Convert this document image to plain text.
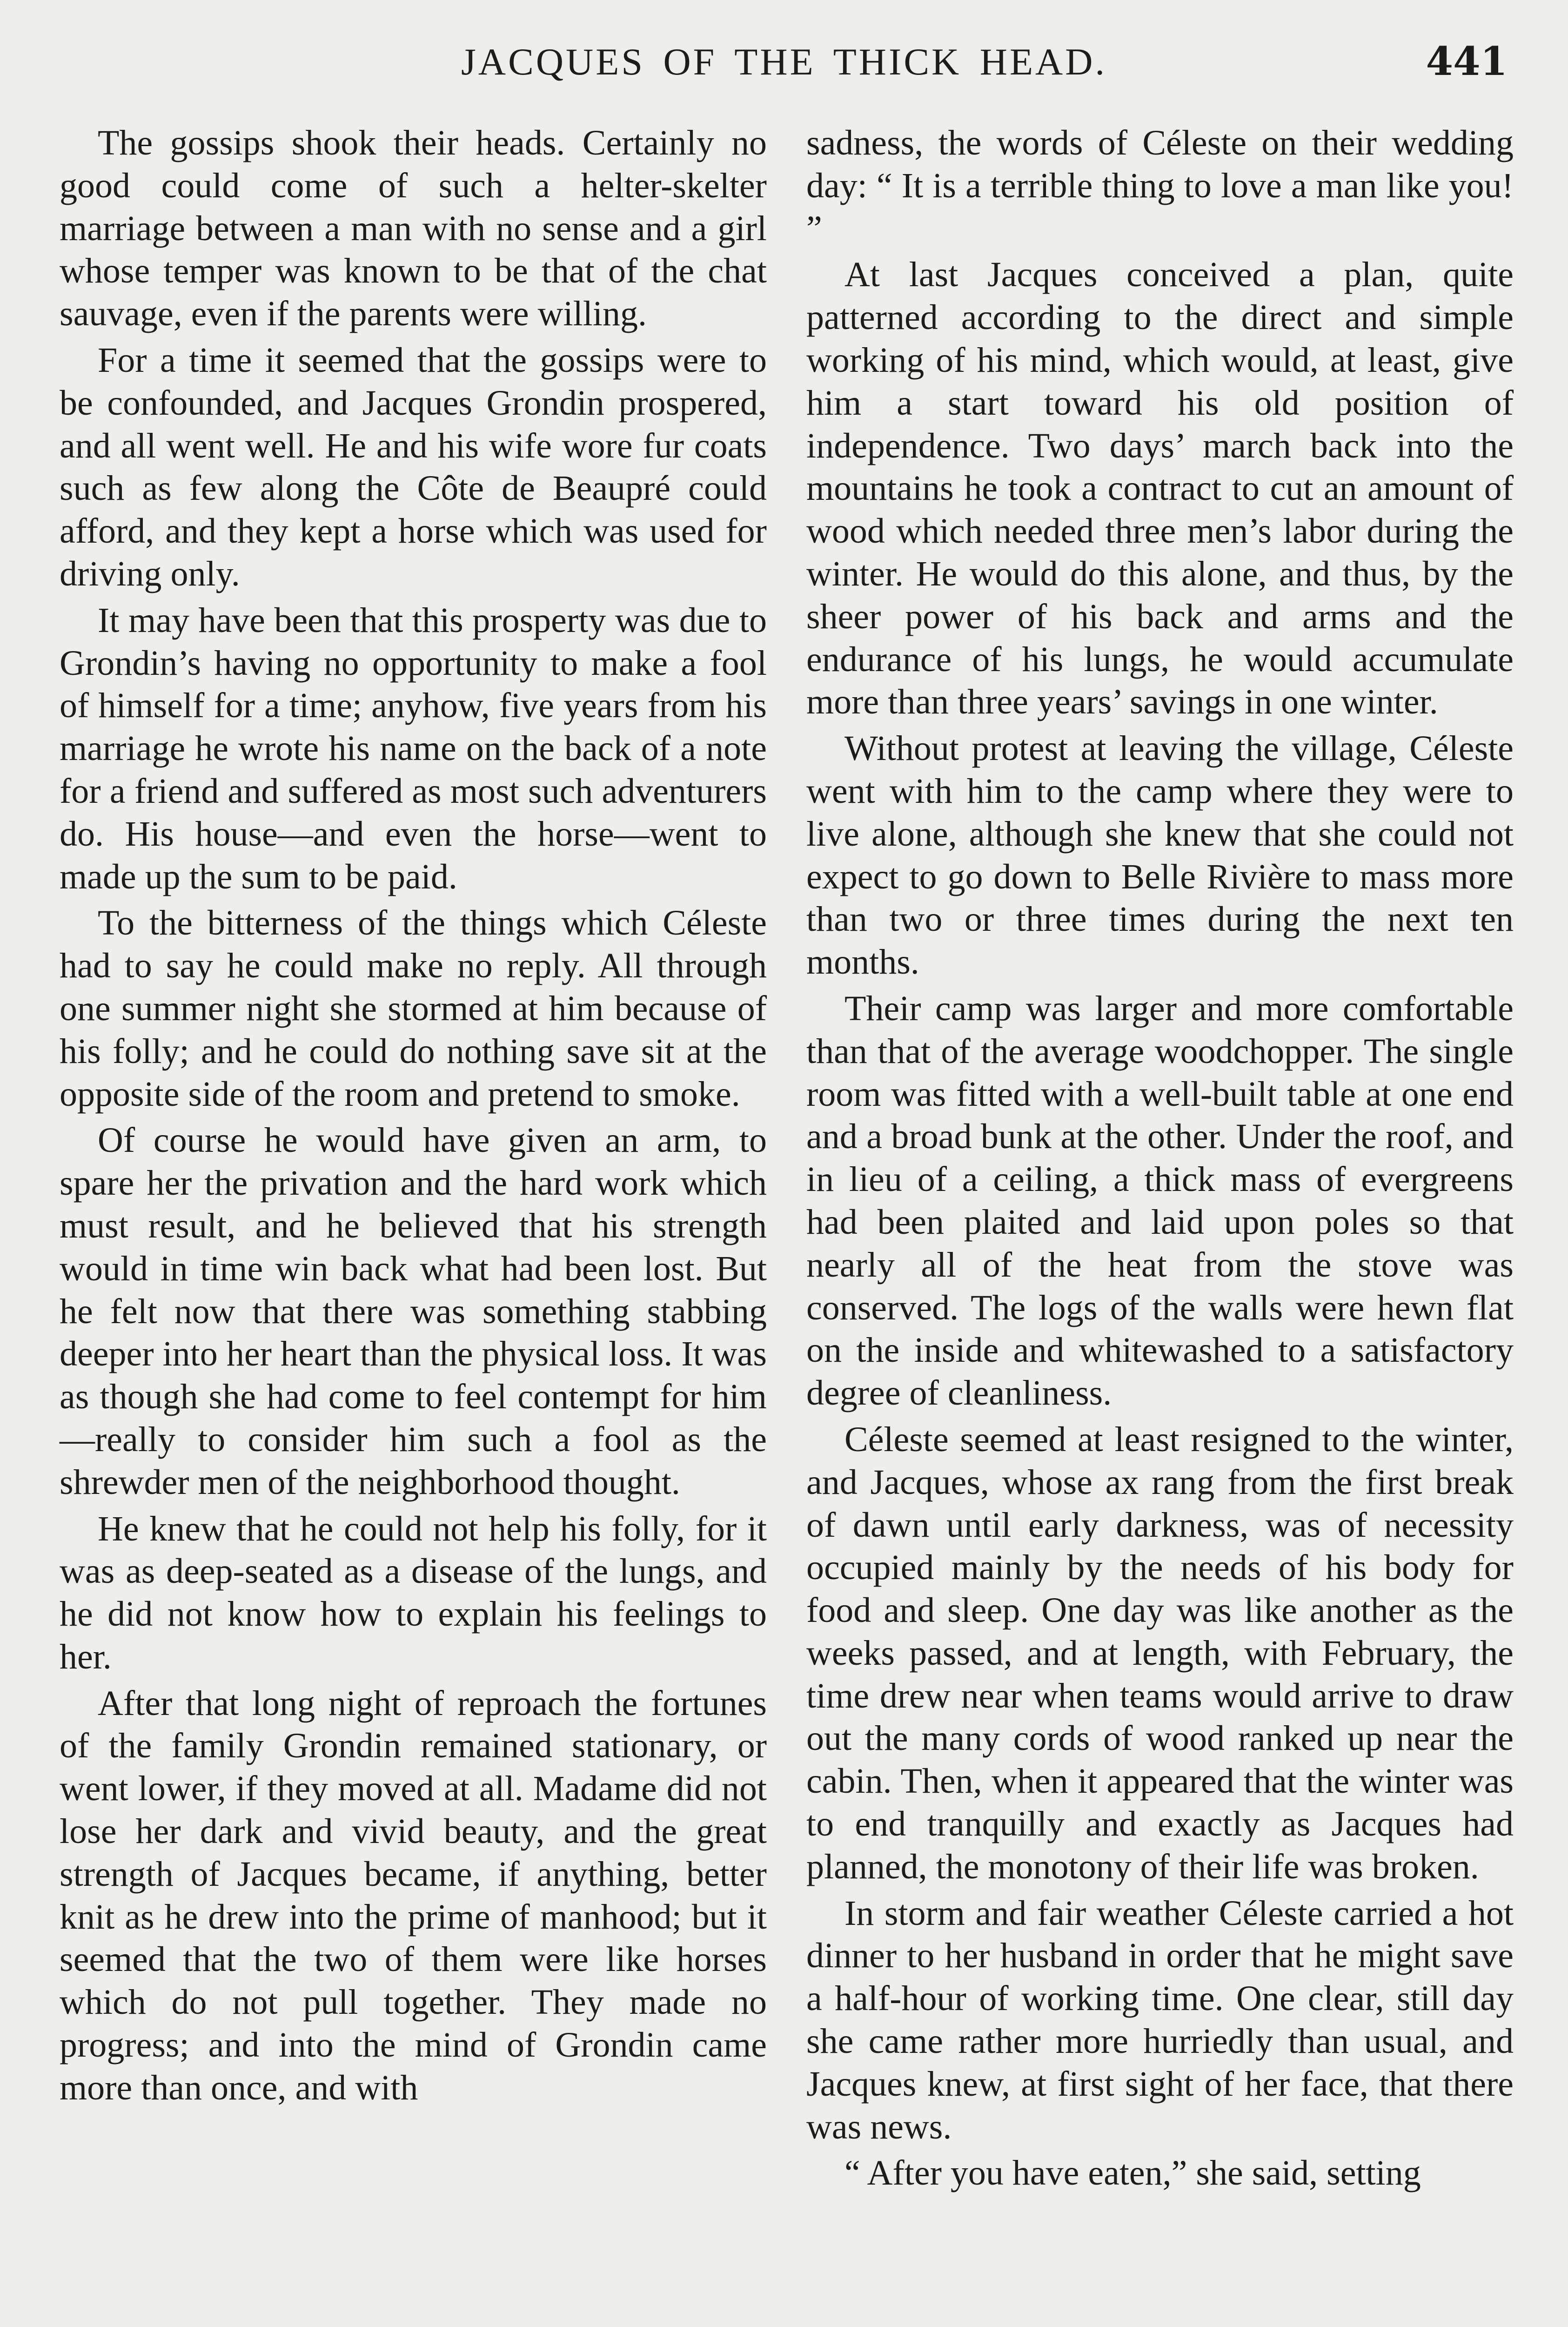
JACQUES OF THE THICK HEAD.	441

The gossips shook their heads. Certainly no good could come of such a helter-skelter marriage between a man with no sense and a girl whose temper was known to be that of the chat sauvage, even if the parents were willing.

For a time it seemed that the gossips were to be confounded, and Jacques Grondin prospered, and all went well. He and his wife wore fur coats such as few along the Côte de Beaupré could afford, and they kept a horse which was used for driving only.

It may have been that this prosperty was due to Grondin’s having no opportunity to make a fool of himself for a time; anyhow, five years from his marriage he wrote his name on the back of a note for a friend and suffered as most such adventurers do. His house—and even the horse—went to made up the sum to be paid.

To the bitterness of the things which Céleste had to say he could make no reply. All through one summer night she stormed at him because of his folly; and he could do nothing save sit at the opposite side of the room and pretend to smoke.

Of course he would have given an arm, to spare her the privation and the hard work which must result, and he believed that his strength would in time win back what had been lost. But he felt now that there was something stabbing deeper into her heart than the physical loss. It was as though she had come to feel contempt for him—really to consider him such a fool as the shrewder men of the neighborhood thought.

He knew that he could not help his folly, for it was as deep-seated as a disease of the lungs, and he did not know how to explain his feelings to her.

After that long night of reproach the fortunes of the family Grondin remained stationary, or went lower, if they moved at all. Madame did not lose her dark and vivid beauty, and the great strength of Jacques became, if anything, better knit as he drew into the prime of manhood; but it seemed that the two of them were like horses which do not pull together. They made no progress; and into the mind of Grondin came more than once, and with

sadness, the words of Céleste on their wedding day: “ It is a terrible thing to love a man like you! ”

At last Jacques conceived a plan, quite patterned according to the direct and simple working of his mind, which would, at least, give him a start toward his old position of independence. Two days’ march back into the mountains he took a contract to cut an amount of wood which needed three men’s labor during the winter. He would do this alone, and thus, by the sheer power of his back and arms and the endurance of his lungs, he would accumulate more than three years’ savings in one winter.

Without protest at leaving the village, Céleste went with him to the camp where they were to live alone, although she knew that she could not expect to go down to Belle Rivière to mass more than two or three times during the next ten months.

Their camp was larger and more comfortable than that of the average woodchopper. The single room was fitted with a well-built table at one end and a broad bunk at the other. Under the roof, and in lieu of a ceiling, a thick mass of evergreens had been plaited and laid upon poles so that nearly all of the heat from the stove was conserved. The logs of the walls were hewn flat on the inside and whitewashed to a satisfactory degree of cleanliness.

Céleste seemed at least resigned to the winter, and Jacques, whose ax rang from the first break of dawn until early darkness, was of necessity occupied mainly by the needs of his body for food and sleep. One day was like another as the weeks passed, and at length, with February, the time drew near when teams would arrive to draw out the many cords of wood ranked up near the cabin. Then, when it appeared that the winter was to end tranquilly and exactly as Jacques had planned, the monotony of their life was broken.

In storm and fair weather Céleste carried a hot dinner to her husband in order that he might save a half-hour of working time. One clear, still day she came rather more hurriedly than usual, and Jacques knew, at first sight of her face, that there was news.

“ After you have eaten,” she said, setting
